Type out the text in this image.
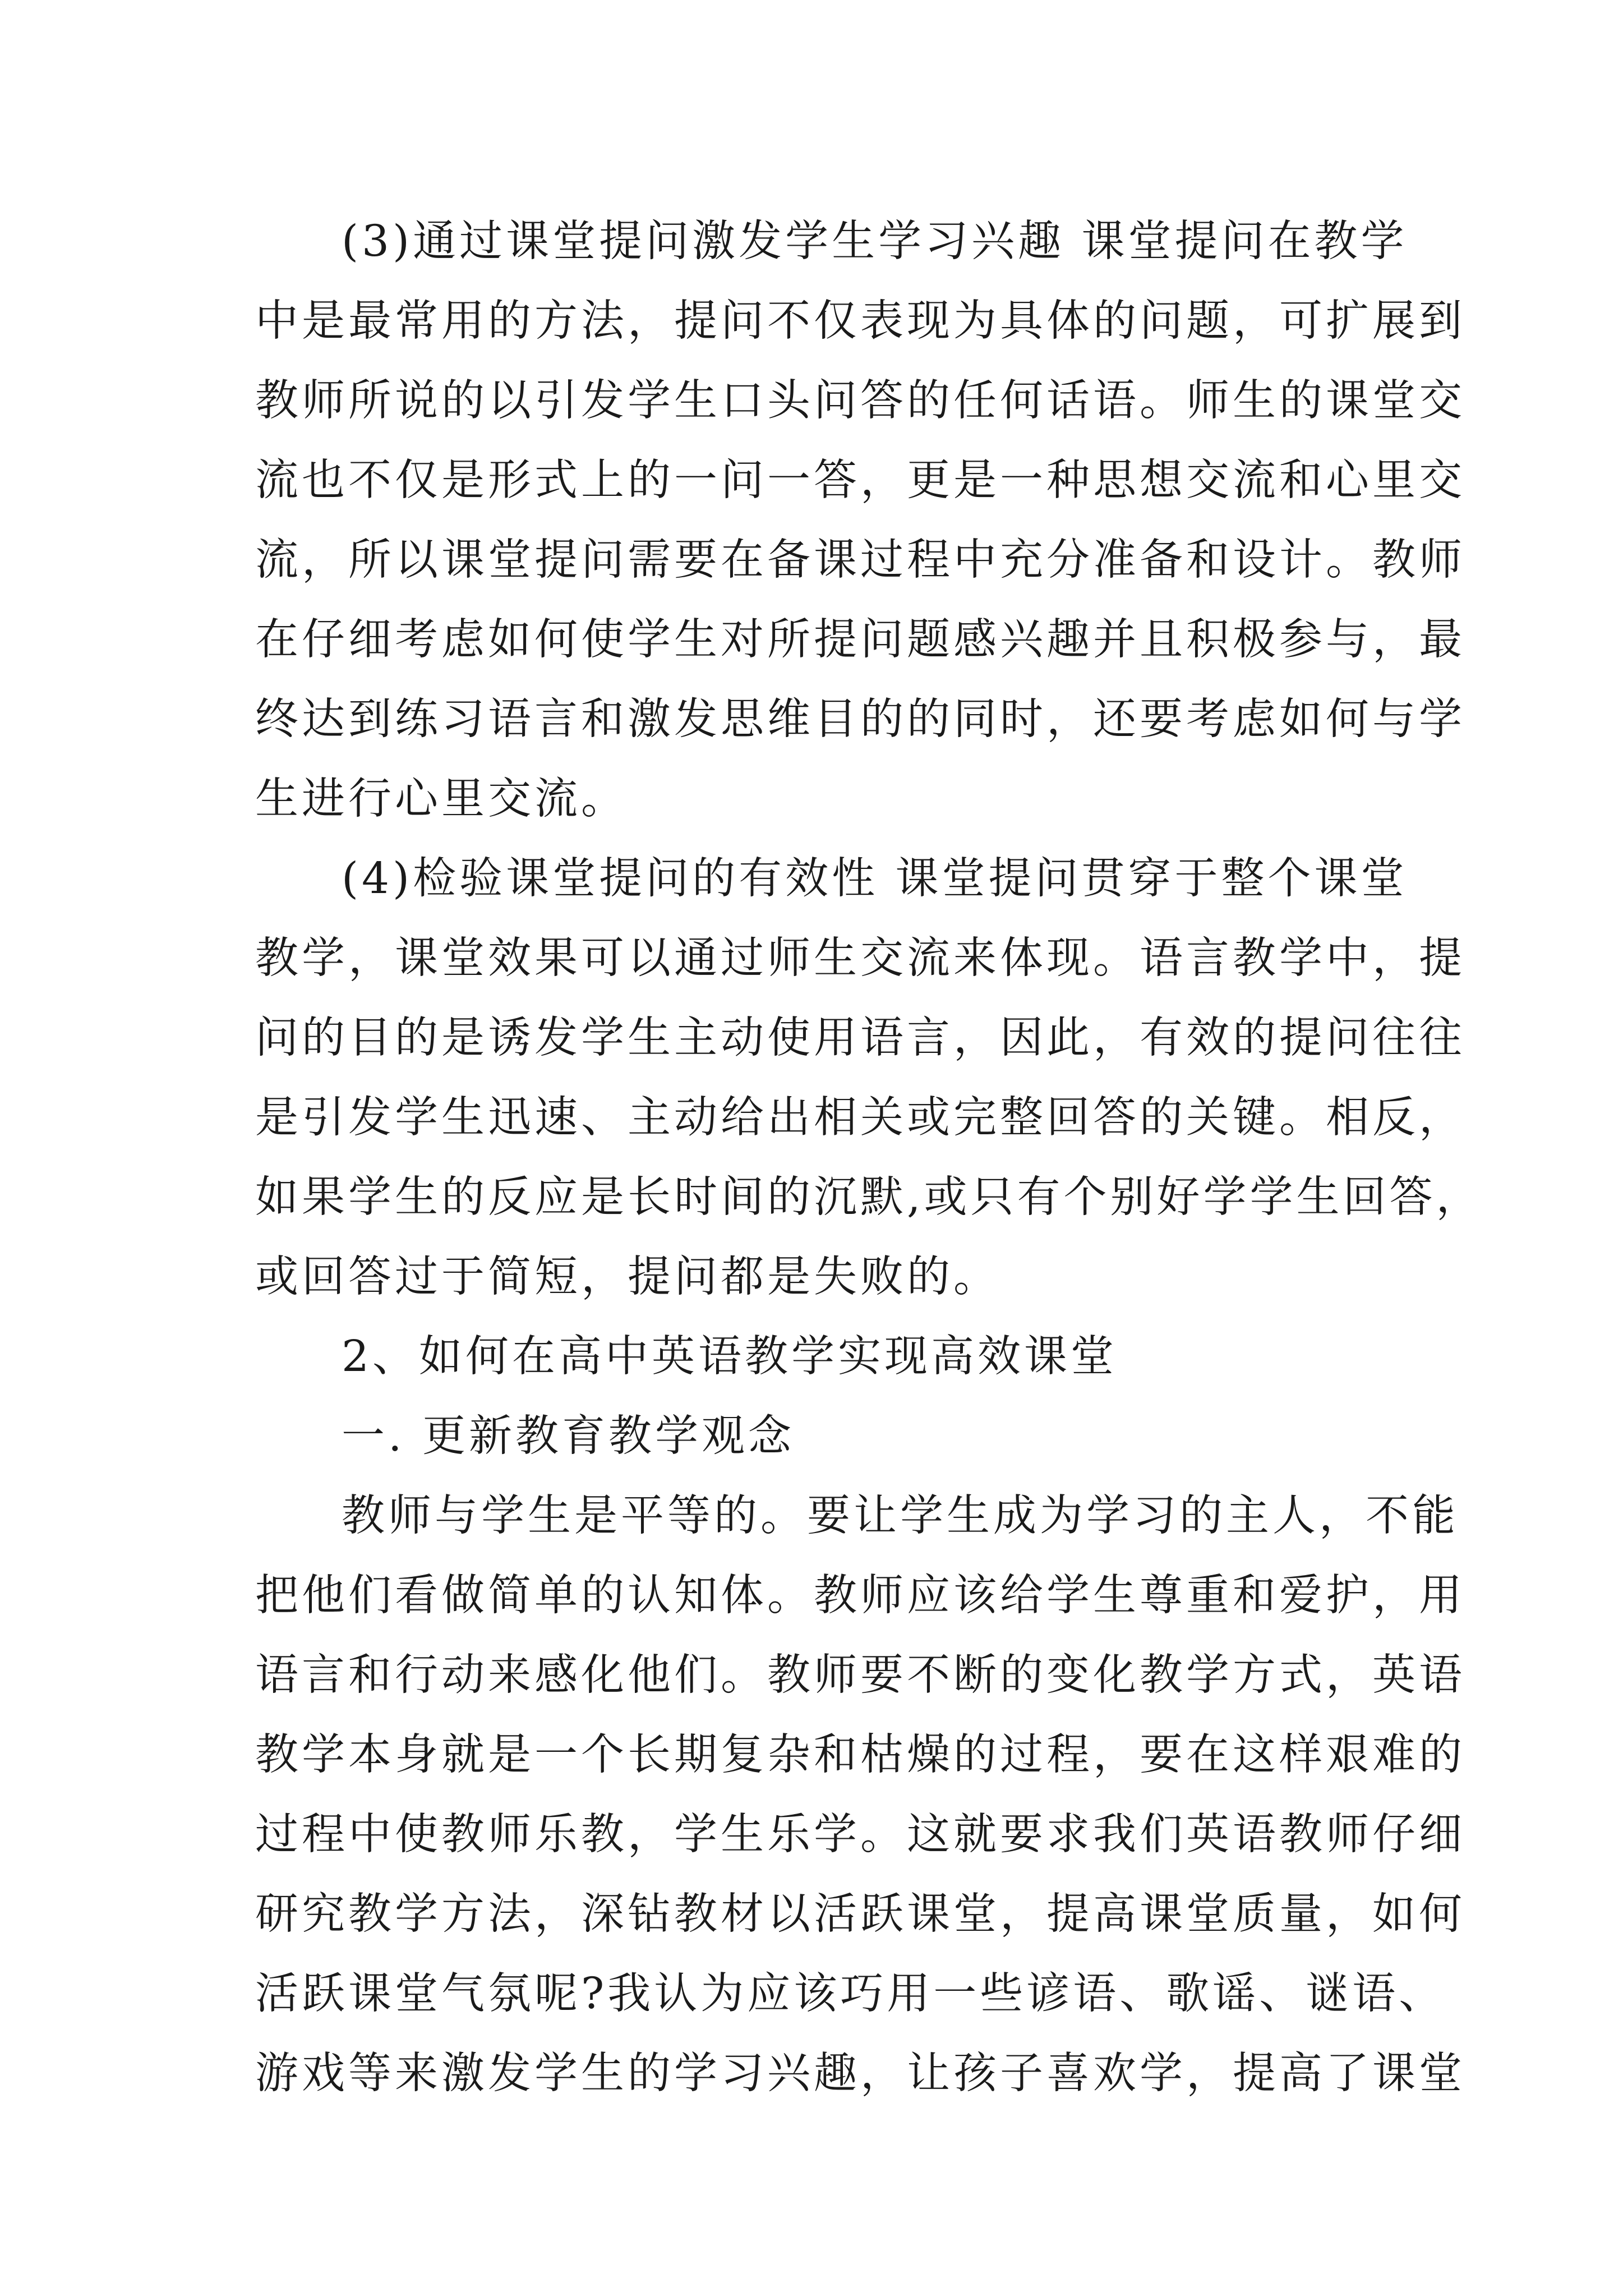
(3)通过课堂提问激发学生学习兴趣 课堂提问在教学
中是最常用的方法，提问不仅表现为具体的问题，可扩展到
教师所说的以引发学生口头问答的任何话语。师生的课堂交
流也不仅是形式上的一问一答，更是一种思想交流和心里交
流，所以课堂提问需要在备课过程中充分准备和设计。教师
在仔细考虑如何使学生对所提问题感兴趣并且积极参与，最
终达到练习语言和激发思维目的的同时，还要考虑如何与学
生进行心里交流。
(4)检验课堂提问的有效性 课堂提问贯穿于整个课堂
教学，课堂效果可以通过师生交流来体现。语言教学中，提
问的目的是诱发学生主动使用语言，因此，有效的提问往往
是引发学生迅速、主动给出相关或完整回答的关键。相反，
如果学生的反应是长时间的沉默,或只有个别好学学生回答，
或回答过于简短，提问都是失败的。
2、如何在高中英语教学实现高效课堂
一. 更新教育教学观念
教师与学生是平等的。要让学生成为学习的主人，不能
把他们看做简单的认知体。教师应该给学生尊重和爱护，用
语言和行动来感化他们。教师要不断的变化教学方式，英语
教学本身就是一个长期复杂和枯燥的过程，要在这样艰难的
过程中使教师乐教，学生乐学。这就要求我们英语教师仔细
研究教学方法，深钻教材以活跃课堂，提高课堂质量，如何
活跃课堂气氛呢?我认为应该巧用一些谚语、歌谣、谜语、
游戏等来激发学生的学习兴趣，让孩子喜欢学，提高了课堂
